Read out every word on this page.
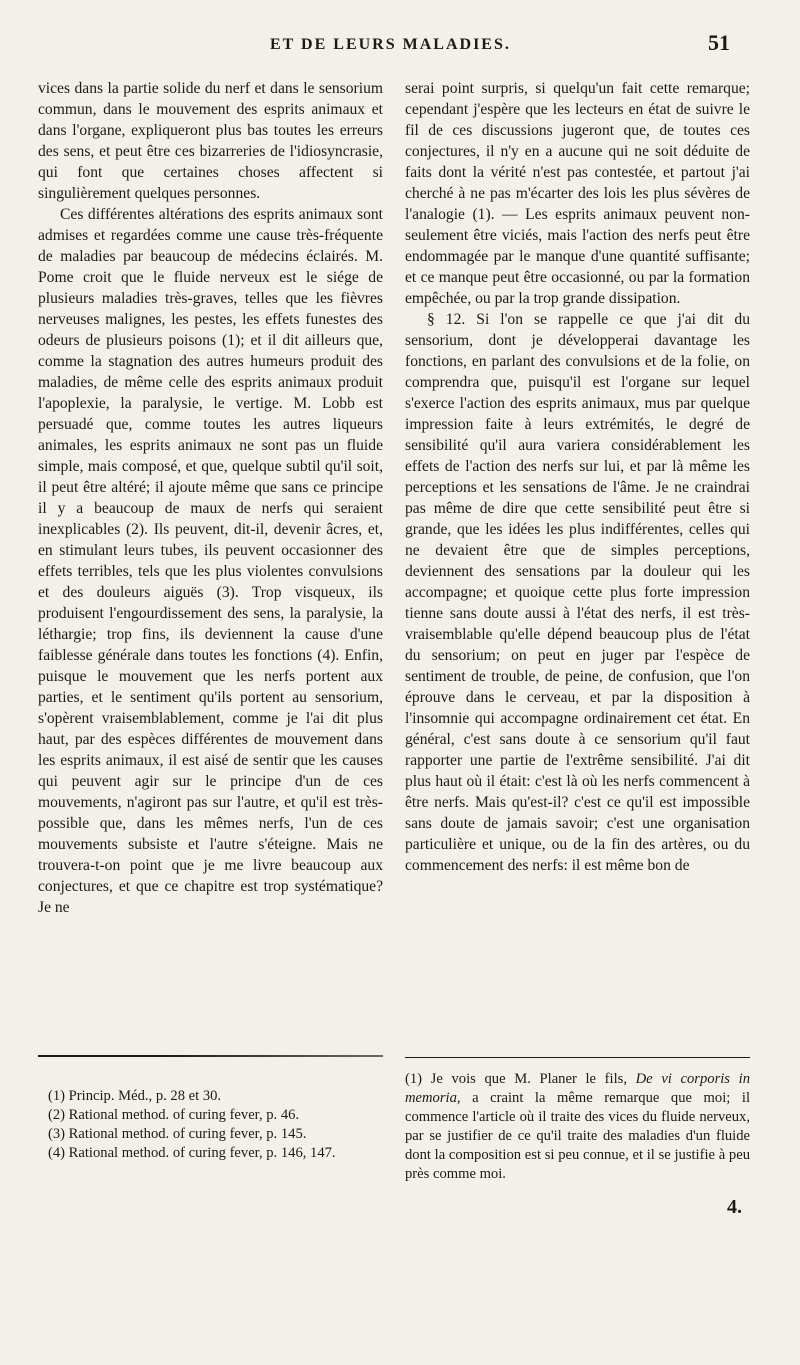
ET DE LEURS MALADIES.	51

vices dans la partie solide du nerf et dans le sensorium commun, dans le mouvement des esprits animaux et dans l'organe, expliqueront plus bas toutes les erreurs des sens, et peut être ces bizarreries de l'idiosyncrasie, qui font que certaines choses affectent si singulièrement quelques personnes.

Ces différentes altérations des esprits animaux sont admises et regardées comme une cause très-fréquente de maladies par beaucoup de médecins éclairés. M. Pome croit que le fluide nerveux est le siége de plusieurs maladies très-graves, telles que les fièvres nerveuses malignes, les pestes, les effets funestes des odeurs de plusieurs poisons (1); et il dit ailleurs que, comme la stagnation des autres humeurs produit des maladies, de même celle des esprits animaux produit l'apoplexie, la paralysie, le vertige. M. Lobb est persuadé que, comme toutes les autres liqueurs animales, les esprits animaux ne sont pas un fluide simple, mais composé, et que, quelque subtil qu'il soit, il peut être altéré; il ajoute même que sans ce principe il y a beaucoup de maux de nerfs qui seraient inexplicables (2). Ils peuvent, dit-il, devenir âcres, et, en stimulant leurs tubes, ils peuvent occasionner des effets terribles, tels que les plus violentes convulsions et des douleurs aiguës (3). Trop visqueux, ils produisent l'engourdissement des sens, la paralysie, la léthargie; trop fins, ils deviennent la cause d'une faiblesse générale dans toutes les fonctions (4). Enfin, puisque le mouvement que les nerfs portent aux parties, et le sentiment qu'ils portent au sensorium, s'opèrent vraisemblablement, comme je l'ai dit plus haut, par des espèces différentes de mouvement dans les esprits animaux, il est aisé de sentir que les causes qui peuvent agir sur le principe d'un de ces mouvements, n'agiront pas sur l'autre, et qu'il est très-possible que, dans les mêmes nerfs, l'un de ces mouvements subsiste et l'autre s'éteigne. Mais ne trouvera-t-on point que je me livre beaucoup aux conjectures, et que ce chapitre est trop systématique? Je ne

serai point surpris, si quelqu'un fait cette remarque; cependant j'espère que les lecteurs en état de suivre le fil de ces discussions jugeront que, de toutes ces conjectures, il n'y en a aucune qui ne soit déduite de faits dont la vérité n'est pas contestée, et partout j'ai cherché à ne pas m'écarter des lois les plus sévères de l'analogie (1). — Les esprits animaux peuvent non-seulement être viciés, mais l'action des nerfs peut être endommagée par le manque d'une quantité suffisante; et ce manque peut être occasionné, ou par la formation empêchée, ou par la trop grande dissipation.

§ 12. Si l'on se rappelle ce que j'ai dit du sensorium, dont je développerai davantage les fonctions, en parlant des convulsions et de la folie, on comprendra que, puisqu'il est l'organe sur lequel s'exerce l'action des esprits animaux, mus par quelque impression faite à leurs extrémités, le degré de sensibilité qu'il aura variera considérablement les effets de l'action des nerfs sur lui, et par là même les perceptions et les sensations de l'âme. Je ne craindrai pas même de dire que cette sensibilité peut être si grande, que les idées les plus indifférentes, celles qui ne devaient être que de simples perceptions, deviennent des sensations par la douleur qui les accompagne; et quoique cette plus forte impression tienne sans doute aussi à l'état des nerfs, il est très-vraisemblable qu'elle dépend beaucoup plus de l'état du sensorium; on peut en juger par l'espèce de sentiment de trouble, de peine, de confusion, que l'on éprouve dans le cerveau, et par la disposition à l'insomnie qui accompagne ordinairement cet état. En général, c'est sans doute à ce sensorium qu'il faut rapporter une partie de l'extrême sensibilité. J'ai dit plus haut où il était: c'est là où les nerfs commencent à être nerfs. Mais qu'est-il? c'est ce qu'il est impossible sans doute de jamais savoir; c'est une organisation particulière et unique, ou de la fin des artères, ou du commencement des nerfs: il est même bon de

(1) Princip. Méd., p. 28 et 30.

(2) Rational method. of curing fever, p. 46.

(3) Rational method. of curing fever, p. 145.

(4) Rational method. of curing fever, p. 146, 147.

(1) Je vois que M. Planer le fils, De vi corporis in memoria, a craint la même remarque que moi; il commence l'article où il traite des vices du fluide nerveux, par se justifier de ce qu'il traite des maladies d'un fluide dont la composition est si peu connue, et il se justifie à peu près comme moi.

4.
